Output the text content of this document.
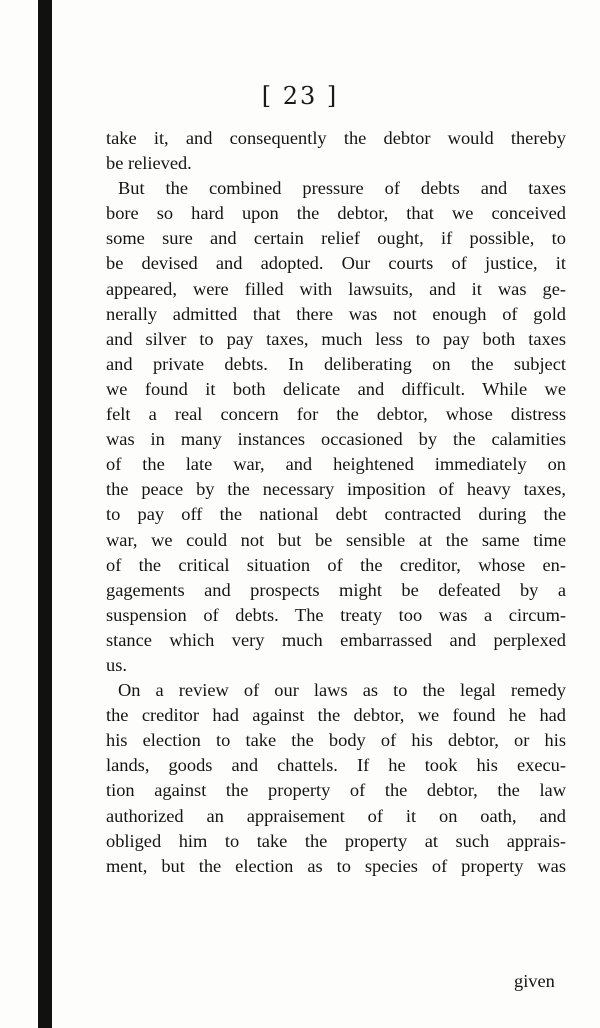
[ 23 ]
take it, and consequently the debtor would thereby
be relieved.
But the combined pressure of debts and taxes
bore so hard upon the debtor, that we conceived
some sure and certain relief ought, if possible, to
be devised and adopted. Our courts of justice, it
appeared, were filled with lawsuits, and it was ge-
nerally admitted that there was not enough of gold
and silver to pay taxes, much less to pay both taxes
and private debts. In deliberating on the subject
we found it both delicate and difficult. While we
felt a real concern for the debtor, whose distress
was in many instances occasioned by the calamities
of the late war, and heightened immediately on
the peace by the necessary imposition of heavy taxes,
to pay off the national debt contracted during the
war, we could not but be sensible at the same time
of the critical situation of the creditor, whose en-
gagements and prospects might be defeated by a
suspension of debts. The treaty too was a circum-
stance which very much embarrassed and perplexed
us.
On a review of our laws as to the legal remedy
the creditor had against the debtor, we found he had
his election to take the body of his debtor, or his
lands, goods and chattels. If he took his execu-
tion against the property of the debtor, the law
authorized an appraisement of it on oath, and
obliged him to take the property at such apprais-
ment, but the election as to species of property was
given
